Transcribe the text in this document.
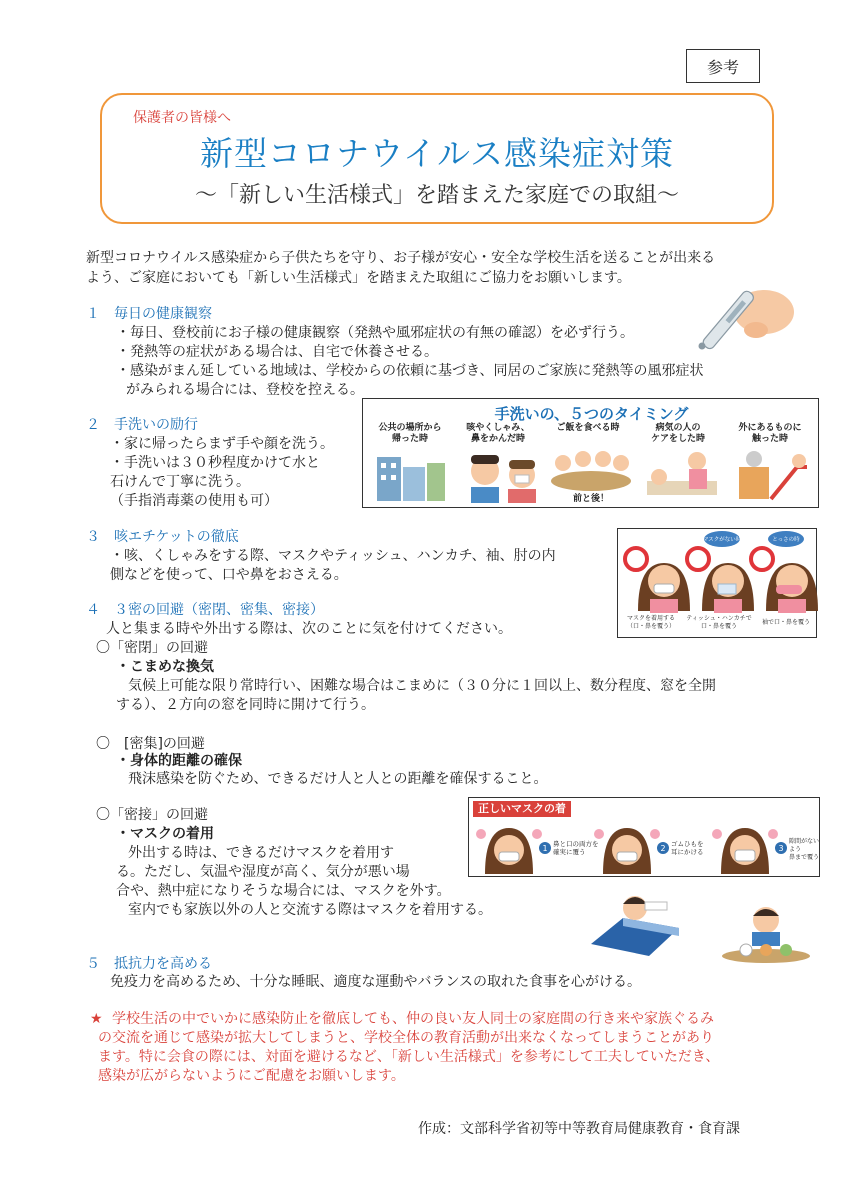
参考
保護者の皆様へ
新型コロナウイルス感染症対策
～「新しい生活様式」を踏まえた家庭での取組～
新型コロナウイルス感染症から子供たちを守り、お子様が安心・安全な学校生活を送ることが出来る
よう、ご家庭においても「新しい生活様式」を踏まえた取組にご協力をお願いします。
１　毎日の健康観察
・毎日、登校前にお子様の健康観察（発熱や風邪症状の有無の確認）を必ず行う。
・発熱等の症状がある場合は、自宅で休養させる。
・感染がまん延している地域は、学校からの依頼に基づき、同居のご家族に発熱等の風邪症状
がみられる場合には、登校を控える。
２　手洗いの励行
・家に帰ったらまず手や顔を洗う。
・手洗いは３０秒程度かけて水と
石けんで丁寧に洗う。
（手指消毒薬の使用も可）
手洗いの、５つのタイミング
公共の場所から
帰った時
咳やくしゃみ、
鼻をかんだ時
ご飯を食べる時	病気の人の
ケアをした時
外にあるものに
触った時
前と後！
３　咳エチケットの徹底
・咳、くしゃみをする際、マスクやティッシュ、ハンカチ、袖、肘の内
側などを使って、口や鼻をおさえる。
マスクがない時	とっさの時
マスクを着用する
（口・鼻を覆う）
ティッシュ・ハンカチで
口・鼻を覆う
袖で口・鼻を覆う
４　３密の回避（密閉、密集、密接）
人と集まる時や外出する際は、次のことに気を付けてください。
〇「密閉」の回避
・こまめな換気
気候上可能な限り常時行い、困難な場合はこまめに（３０分に１回以上、数分程度、窓を全開
する）、２方向の窓を同時に開けて行う。
〇　[密集]の回避
・身体的距離の確保
飛沫感染を防ぐため、できるだけ人と人との距離を確保すること。
〇「密接」の回避
・マスクの着用
外出する時は、できるだけマスクを着用す
る。ただし、気温や湿度が高く、気分が悪い場
合や、熱中症になりそうな場合には、マスクを外す。
室内でも家族以外の人と交流する際はマスクを着用する。
正しいマスクの着用
1	2	3
鼻と口の両方を
確実に覆う
ゴムひもを
耳にかける
隙間がないよう
鼻まで覆う
５　抵抗力を高める
免疫力を高めるため、十分な睡眠、適度な運動やバランスの取れた食事を心がける。
★ 学校生活の中でいかに感染防止を徹底しても、仲の良い友人同士の家庭間の行き来や家族ぐるみ
の交流を通じて感染が拡大してしまうと、学校全体の教育活動が出来なくなってしまうことがあり
ます。特に会食の際には、対面を避けるなど、「新しい生活様式」を参考にして工夫していただき、
感染が広がらないようにご配慮をお願いします。
作成：文部科学省初等中等教育局健康教育・食育課
